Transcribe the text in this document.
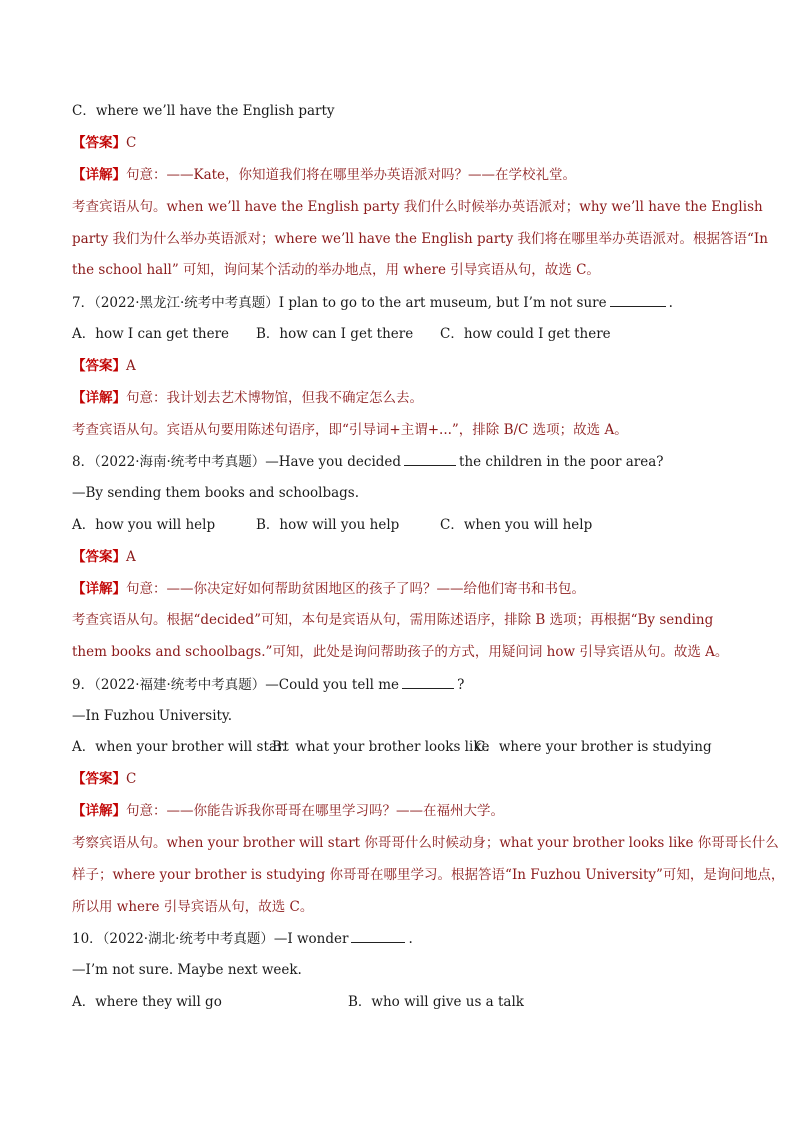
C．where we’ll have the English party
【答案】C
【详解】句意：——Kate，你知道我们将在哪里举办英语派对吗？——在学校礼堂。
考查宾语从句。when we’ll have the English party 我们什么时候举办英语派对；why we’ll have the English
party 我们为什么举办英语派对；where we’ll have the English party 我们将在哪里举办英语派对。根据答语“In
the school hall” 可知，询问某个活动的举办地点，用 where 引导宾语从句，故选 C。
7．（2022·黑龙江·统考中考真题）I plan to go to the art museum, but I’m not sure	.
A．how I can get there B．how can I get there C．how could I get there
【答案】A
【详解】句意：我计划去艺术博物馆，但我不确定怎么去。
考查宾语从句。宾语从句要用陈述句语序，即“引导词+主谓+...”，排除 B/C 选项；故选 A。
8．（2022·海南·统考中考真题）—Have you decided	the children in the poor area?
—By sending them books and schoolbags.
A．how you will help	B．how will you help	C．when you will help
【答案】A
【详解】句意：——你决定好如何帮助贫困地区的孩子了吗？——给他们寄书和书包。
考查宾语从句。根据“decided”可知，本句是宾语从句，需用陈述语序，排除 B 选项；再根据“By sending
them books and schoolbags.”可知，此处是询问帮助孩子的方式，用疑问词 how 引导宾语从句。故选 A。
9．（2022·福建·统考中考真题）—Could you tell me	?
—In Fuzhou University.
A．when your brother will start
B．what your brother looks like
C．where your brother is studying
【答案】C
【详解】句意：——你能告诉我你哥哥在哪里学习吗？——在福州大学。
考察宾语从句。when your brother will start 你哥哥什么时候动身；what your brother looks like 你哥哥长什么
样子；where your brother is studying 你哥哥在哪里学习。根据答语“In Fuzhou University”可知，是询问地点，
所以用 where 引导宾语从句，故选 C。
10．（2022·湖北·统考中考真题）—I wonder	.
—I’m not sure. Maybe next week.
A．where they will go	B．who will give us a talk
